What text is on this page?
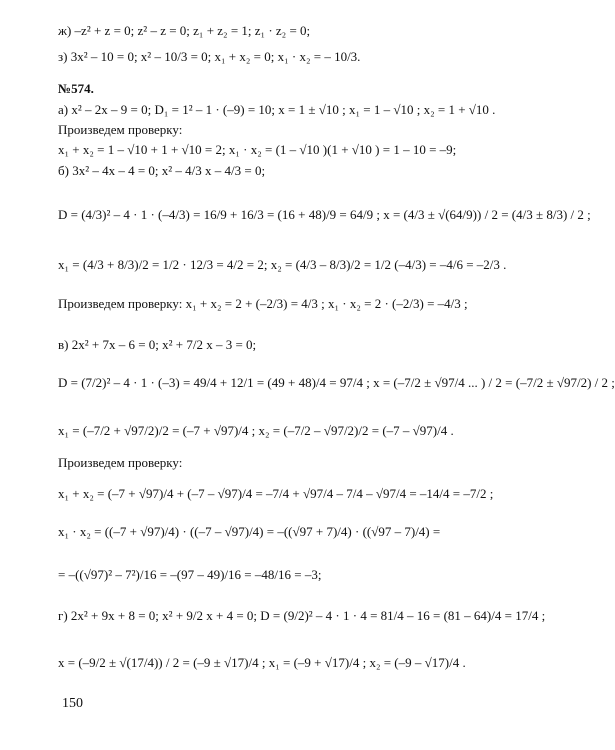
ж) –z² + z = 0; z² – z = 0; z₁ + z₂ = 1; z₁ · z₂ = 0;
з) 3x² – 10 = 0; x² – 10/3 = 0; x₁ + x₂ = 0; x₁ · x₂ = – 10/3.
№574.
а) x² – 2x – 9 = 0; D₁ = 1² – 1 · (–9) = 10; x = 1 ± √10 ; x₁ = 1 – √10 ; x₂ = 1 + √10 .
Произведем проверку:
x₁ + x₂ = 1 – √10 + 1 + √10 = 2; x₁ · x₂ = (1 – √10 )(1 + √10 ) = 1 – 10 = –9;
б) 3x² – 4x – 4 = 0; x² – 4/3 x – 4/3 = 0;
D = (4/3)² – 4 · 1 · (–4/3) = 16/9 + 16/3 = (16 + 48)/9 = 64/9 ; x = (4/3 ± √(64/9)) / 2 = (4/3 ± 8/3) / 2 ;
x₁ = (4/3 + 8/3)/2 = 1/2 · 12/3 = 4/2 = 2; x₂ = (4/3 – 8/3)/2 = 1/2 (–4/3) = –4/6 = –2/3 .
Произведем проверку: x₁ + x₂ = 2 + (–2/3) = 4/3 ; x₁ · x₂ = 2 · (–2/3) = –4/3 ;
в) 2x² + 7x – 6 = 0; x² + 7/2 x – 3 = 0;
D = (7/2)² – 4 · 1 · (–3) = 49/4 + 12/1 = (49 + 48)/4 = 97/4 ; x = (–7/2 ± √97/4 ... ) / 2 = (–7/2 ± √97/2) / 2 ;
x₁ = (–7/2 + √97/2)/2 = (–7 + √97)/4 ; x₂ = (–7/2 – √97/2)/2 = (–7 – √97)/4 .
Произведем проверку:
x₁ + x₂ = (–7 + √97)/4 + (–7 – √97)/4 = –7/4 + √97/4 – 7/4 – √97/4 = –14/4 = –7/2 ;
x₁ · x₂ = ((–7 + √97)/4) · ((–7 – √97)/4) = –((√97 + 7)/4) · ((√97 – 7)/4) =
= –((√97)² – 7²)/16 = –(97 – 49)/16 = –48/16 = –3;
г) 2x² + 9x + 8 = 0; x² + 9/2 x + 4 = 0; D = (9/2)² – 4 · 1 · 4 = 81/4 – 16 = (81 – 64)/4 = 17/4 ;
x = (–9/2 ± √(17/4)) / 2 = (–9 ± √17)/4 ; x₁ = (–9 + √17)/4 ; x₂ = (–9 – √17)/4 .
150
